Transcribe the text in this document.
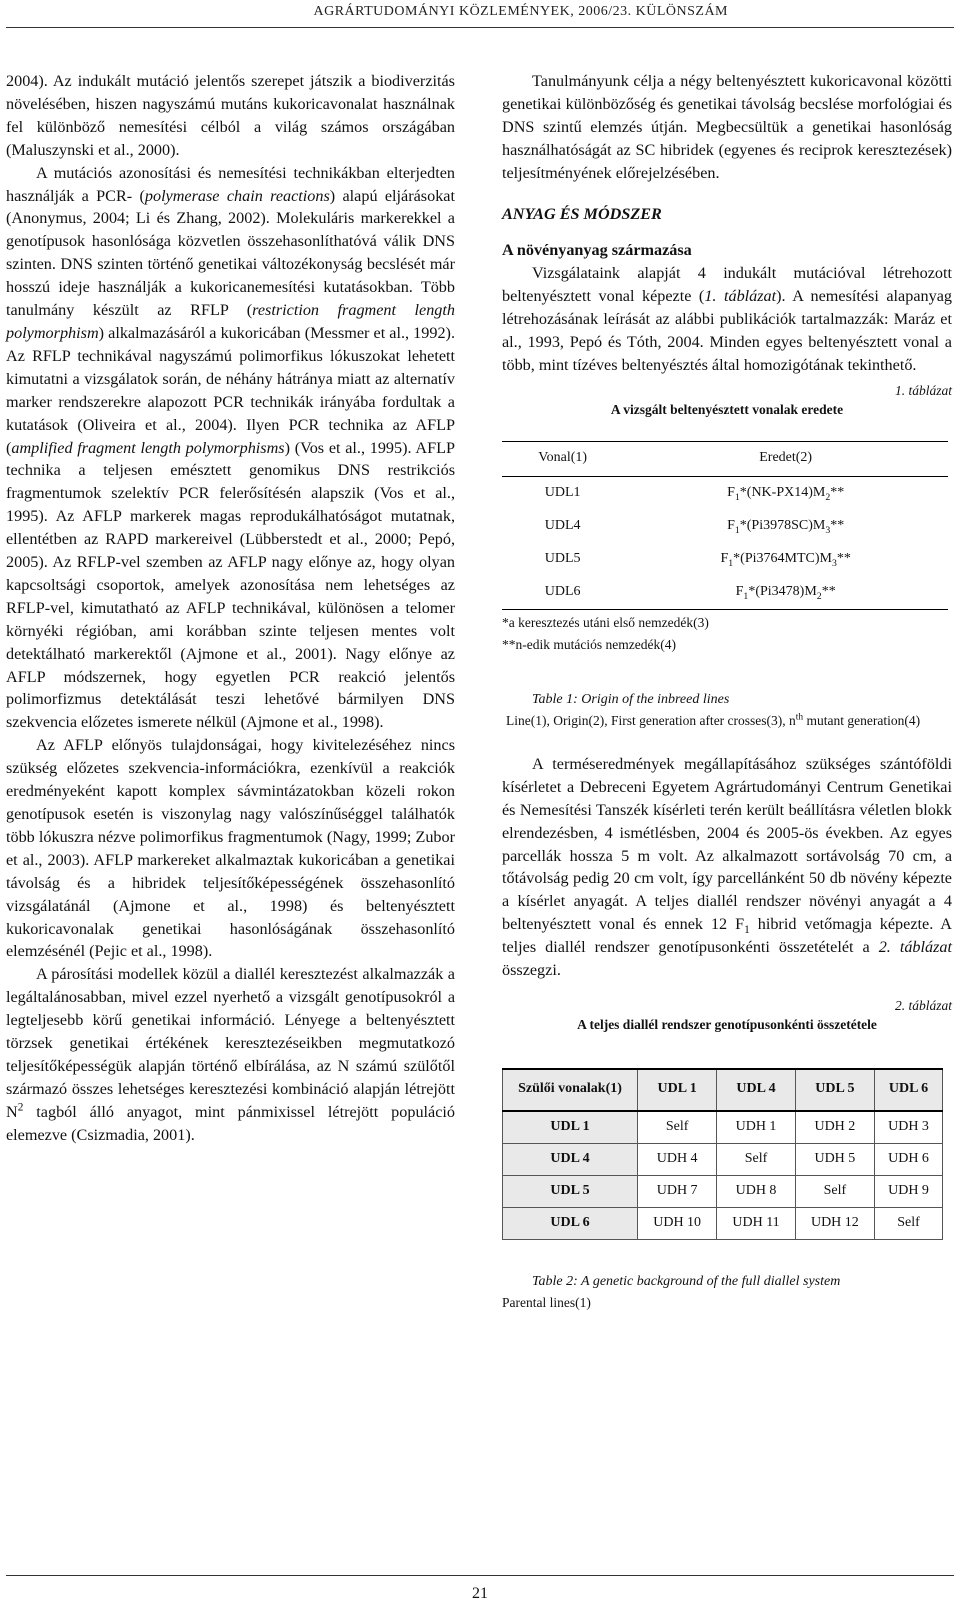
AGRÁRTUDOMÁNYI KÖZLEMÉNYEK, 2006/23. KÜLÖNSZÁM

2004). Az indukált mutáció jelentős szerepet játszik a biodiverzitás növelésében, hiszen nagyszámú mutáns kukoricavonalat használnak fel különböző nemesítési célból a világ számos országában (Maluszynski et al., 2000).

A mutációs azonosítási és nemesítési technikákban elterjedten használják a PCR- (polymerase chain reactions) alapú eljárásokat (Anonymus, 2004; Li és Zhang, 2002). Molekuláris markerekkel a genotípusok hasonlósága közvetlen összehasonlíthatóvá válik DNS szinten. DNS szinten történő genetikai változékonyság becslését már hosszú ideje használják a kukoricanemesítési kutatásokban. Több tanulmány készült az RFLP (restriction fragment length polymorphism) alkalmazásáról a kukoricában (Messmer et al., 1992). Az RFLP technikával nagyszámú polimorfikus lókuszokat lehetett kimutatni a vizsgálatok során, de néhány hátránya miatt az alternatív marker rendszerekre alapozott PCR technikák irányába fordultak a kutatások (Oliveira et al., 2004). Ilyen PCR technika az AFLP (amplified fragment length polymorphisms) (Vos et al., 1995). AFLP technika a teljesen emésztett genomikus DNS restrikciós fragmentumok szelektív PCR felerősítésén alapszik (Vos et al., 1995). Az AFLP markerek magas reprodukálhatóságot mutatnak, ellentétben az RAPD markereivel (Lübberstedt et al., 2000; Pepó, 2005). Az RFLP-vel szemben az AFLP nagy előnye az, hogy olyan kapcsoltsági csoportok, amelyek azonosítása nem lehetséges az RFLP-vel, kimutatható az AFLP technikával, különösen a telomer környéki régióban, ami korábban szinte teljesen mentes volt detektálható markerektől (Ajmone et al., 2001). Nagy előnye az AFLP módszernek, hogy egyetlen PCR reakció jelentős polimorfizmus detektálását teszi lehetővé bármilyen DNS szekvencia előzetes ismerete nélkül (Ajmone et al., 1998).

Az AFLP előnyös tulajdonságai, hogy kivitelezéséhez nincs szükség előzetes szekvencia-információkra, ezenkívül a reakciók eredményeként kapott komplex sávmintázatokban közeli rokon genotípusok esetén is viszonylag nagy valószínűséggel találhatók több lókuszra nézve polimorfikus fragmentumok (Nagy, 1999; Zubor et al., 2003). AFLP markereket alkalmaztak kukoricában a genetikai távolság és a hibridek teljesítőképességének összehasonlító vizsgálatánál (Ajmone et al., 1998) és beltenyésztett kukoricavonalak genetikai hasonlóságának összehasonlító elemzésénél (Pejic et al., 1998).

A párosítási modellek közül a diallél keresztezést alkalmazzák a legáltalánosabban, mivel ezzel nyerhető a vizsgált genotípusokról a legteljesebb körű genetikai információ. Lényege a beltenyésztett törzsek genetikai értékének keresztezéseikben megmutatkozó teljesítőképességük alapján történő elbírálása, az N számú szülőtől származó összes lehetséges keresztezési kombináció alapján létrejött $N^2$ tagból álló anyagot, mint pánmixissel létrejött populáció elemezve (Csizmadia, 2001).

Tanulmányunk célja a négy beltenyésztett kukoricavonal közötti genetikai különbözőség és genetikai távolság becslése morfológiai és DNS szintű elemzés útján. Megbecsültük a genetikai hasonlóság használhatóságát az SC hibridek (egyenes és reciprok keresztezések) teljesítményének előrejelzésében.

ANYAG ÉS MÓDSZER

A növényanyag származása

Vizsgálataink alapját 4 indukált mutációval létrehozott beltenyésztett vonal képezte (1. táblázat). A nemesítési alapanyag létrehozásának leírását az alábbi publikációk tartalmazzák: Maráz et al., 1993, Pepó és Tóth, 2004. Minden egyes beltenyésztett vonal a több, mint tízéves beltenyésztés által homozigótának tekinthető.

1. táblázat

A vizsgált beltenyésztett vonalak eredete

Vonal(1)	Eredet(2)
UDL1	$F_1*(NK-PX14)M_2**$
UDL4	$F_1*(Pi3978SC)M_3**$
UDL5	$F_1*(Pi3764MTC)M_3**$
UDL6	$F_1*(Pi3478)M_2**$
*a keresztezés utáni első nemzedék(3)
**n-edik mutációs nemzedék(4)

Table 1: Origin of the inbreed lines

Line(1), Origin(2), First generation after crosses(3), $n^{th}$ mutant generation(4)

A terméseredmények megállapításához szükséges szántóföldi kísérletet a Debreceni Egyetem Agrártudományi Centrum Genetikai és Nemesítési Tanszék kísérleti terén került beállításra véletlen blokk elrendezésben, 4 ismétlésben, 2004 és 2005-ös években. Az egyes parcellák hossza 5 m volt. Az alkalmazott sortávolság 70 cm, a tőtávolság pedig 20 cm volt, így parcellánként 50 db növény képezte a kísérlet anyagát. A teljes diallél rendszer növényi anyagát a 4 beltenyésztett vonal és ennek 12 $F_1$ hibrid vetőmagja képezte. A teljes diallél rendszer genotípusonkénti összetételét a 2. táblázat összegzi.

2. táblázat

A teljes diallél rendszer genotípusonkénti összetétele

Szülői vonalak(1)	UDL 1	UDL 4	UDL 5	UDL 6
UDL 1	Self	UDH 1	UDH 2	UDH 3
UDL 4	UDH 4	Self	UDH 5	UDH 6
UDL 5	UDH 7	UDH 8	Self	UDH 9
UDL 6	UDH 10	UDH 11	UDH 12	Self

Table 2: A genetic background of the full diallel system

Parental lines(1)

21
